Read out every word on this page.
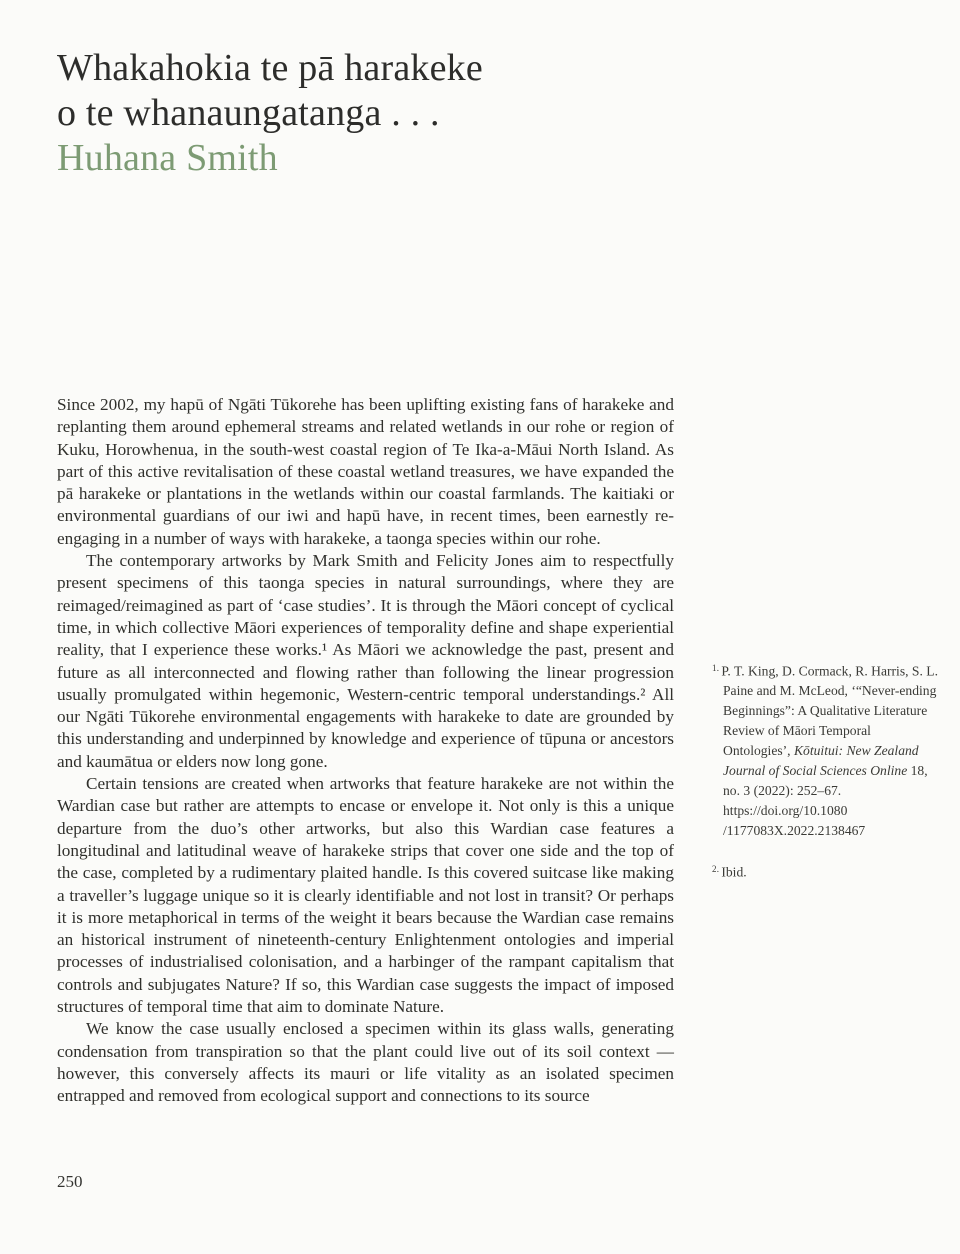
Whakahokia te pā harakeke
o te whanaungatanga . . .
Huhana Smith

Since 2002, my hapū of Ngāti Tūkorehe has been uplifting existing fans of harakeke and replanting them around ephemeral streams and related wetlands in our rohe or region of Kuku, Horowhenua, in the south-west coastal region of Te Ika-a-Māui North Island. As part of this active revitalisation of these coastal wetland treasures, we have expanded the pā harakeke or plantations in the wetlands within our coastal farmlands. The kaitiaki or environmental guardians of our iwi and hapū have, in recent times, been earnestly re-engaging in a number of ways with harakeke, a taonga species within our rohe.

The contemporary artworks by Mark Smith and Felicity Jones aim to respectfully present specimens of this taonga species in natural surroundings, where they are reimaged/reimagined as part of ‘case studies’. It is through the Māori concept of cyclical time, in which collective Māori experiences of temporality define and shape experiential reality, that I experience these works.¹ As Māori we acknowledge the past, present and future as all interconnected and flowing rather than following the linear progression usually promulgated within hegemonic, Western-centric temporal understandings.² All our Ngāti Tūkorehe environmental engagements with harakeke to date are grounded by this understanding and underpinned by knowledge and experience of tūpuna or ancestors and kaumātua or elders now long gone.

Certain tensions are created when artworks that feature harakeke are not within the Wardian case but rather are attempts to encase or envelope it. Not only is this a unique departure from the duo’s other artworks, but also this Wardian case features a longitudinal and latitudinal weave of harakeke strips that cover one side and the top of the case, completed by a rudimentary plaited handle. Is this covered suitcase like making a traveller’s luggage unique so it is clearly identifiable and not lost in transit? Or perhaps it is more metaphorical in terms of the weight it bears because the Wardian case remains an historical instrument of nineteenth-century Enlightenment ontologies and imperial processes of industrialised colonisation, and a harbinger of the rampant capitalism that controls and subjugates Nature? If so, this Wardian case suggests the impact of imposed structures of temporal time that aim to dominate Nature.

We know the case usually enclosed a specimen within its glass walls, generating condensation from transpiration so that the plant could live out of its soil context — however, this conversely affects its mauri or life vitality as an isolated specimen entrapped and removed from ecological support and connections to its source

$^{1.}$ P. T. King, D. Cormack, R. Harris, S. L. Paine and M. McLeod, ‘“Never-ending Beginnings”: A Qualitative Literature Review of Māori Temporal Ontologies’, Kōtuitui: New Zealand Journal of Social Sciences Online 18, no. 3 (2022): 252–67. https://doi.org/10.1080 /1177083X.2022.2138467
$^{2.}$ Ibid.
250
